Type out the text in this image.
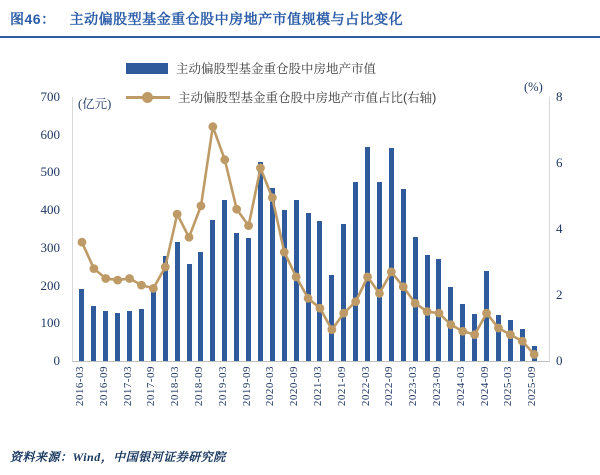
图46： 主动偏股型基金重仓股中房地产市值规模与占比变化
主动偏股型基金重仓股中房地产市值
主动偏股型基金重仓股中房地产市值占比(右轴)
(亿元)
(%)
0
100
200
300
400
500
600
700
0
2
4
6
8
2016-03 2016-09 2017-03 2017-09 2018-03 2018-09 2019-03 2019-09 2020-03 2020-09 2021-03 2021-09 2022-03 2022-09 2023-03 2023-09 2024-03 2024-09 2025-03 2025-09
资料来源：Wind，中国银河证券研究院
